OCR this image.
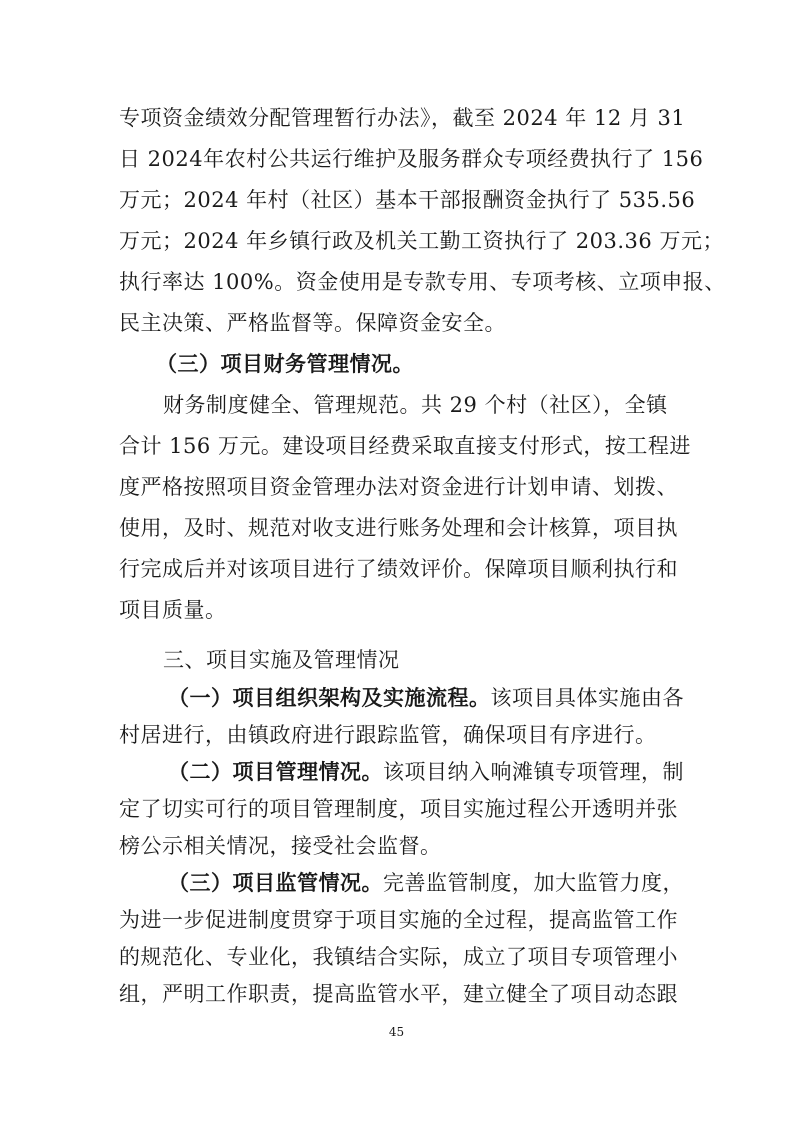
专项资金绩效分配管理暂行办法》，截至 2024 年 12 月 31
日 2024年农村公共运行维护及服务群众专项经费执行了 156
万元；2024 年村（社区）基本干部报酬资金执行了 535.56
万元；2024 年乡镇行政及机关工勤工资执行了 203.36 万元；
执行率达 100%。资金使用是专款专用、专项考核、立项申报、
民主决策、严格监督等。保障资金安全。
（三）项目财务管理情况。
财务制度健全、管理规范。共 29 个村（社区），全镇
合计 156 万元。建设项目经费采取直接支付形式，按工程进
度严格按照项目资金管理办法对资金进行计划申请、划拨、
使用，及时、规范对收支进行账务处理和会计核算，项目执
行完成后并对该项目进行了绩效评价。保障项目顺利执行和
项目质量。
三、项目实施及管理情况
（一）项目组织架构及实施流程。该项目具体实施由各
村居进行，由镇政府进行跟踪监管，确保项目有序进行。
（二）项目管理情况。该项目纳入响滩镇专项管理，制
定了切实可行的项目管理制度，项目实施过程公开透明并张
榜公示相关情况，接受社会监督。
（三）项目监管情况。完善监管制度，加大监管力度，
为进一步促进制度贯穿于项目实施的全过程，提高监管工作
的规范化、专业化，我镇结合实际，成立了项目专项管理小
组，严明工作职责，提高监管水平，建立健全了项目动态跟
45
